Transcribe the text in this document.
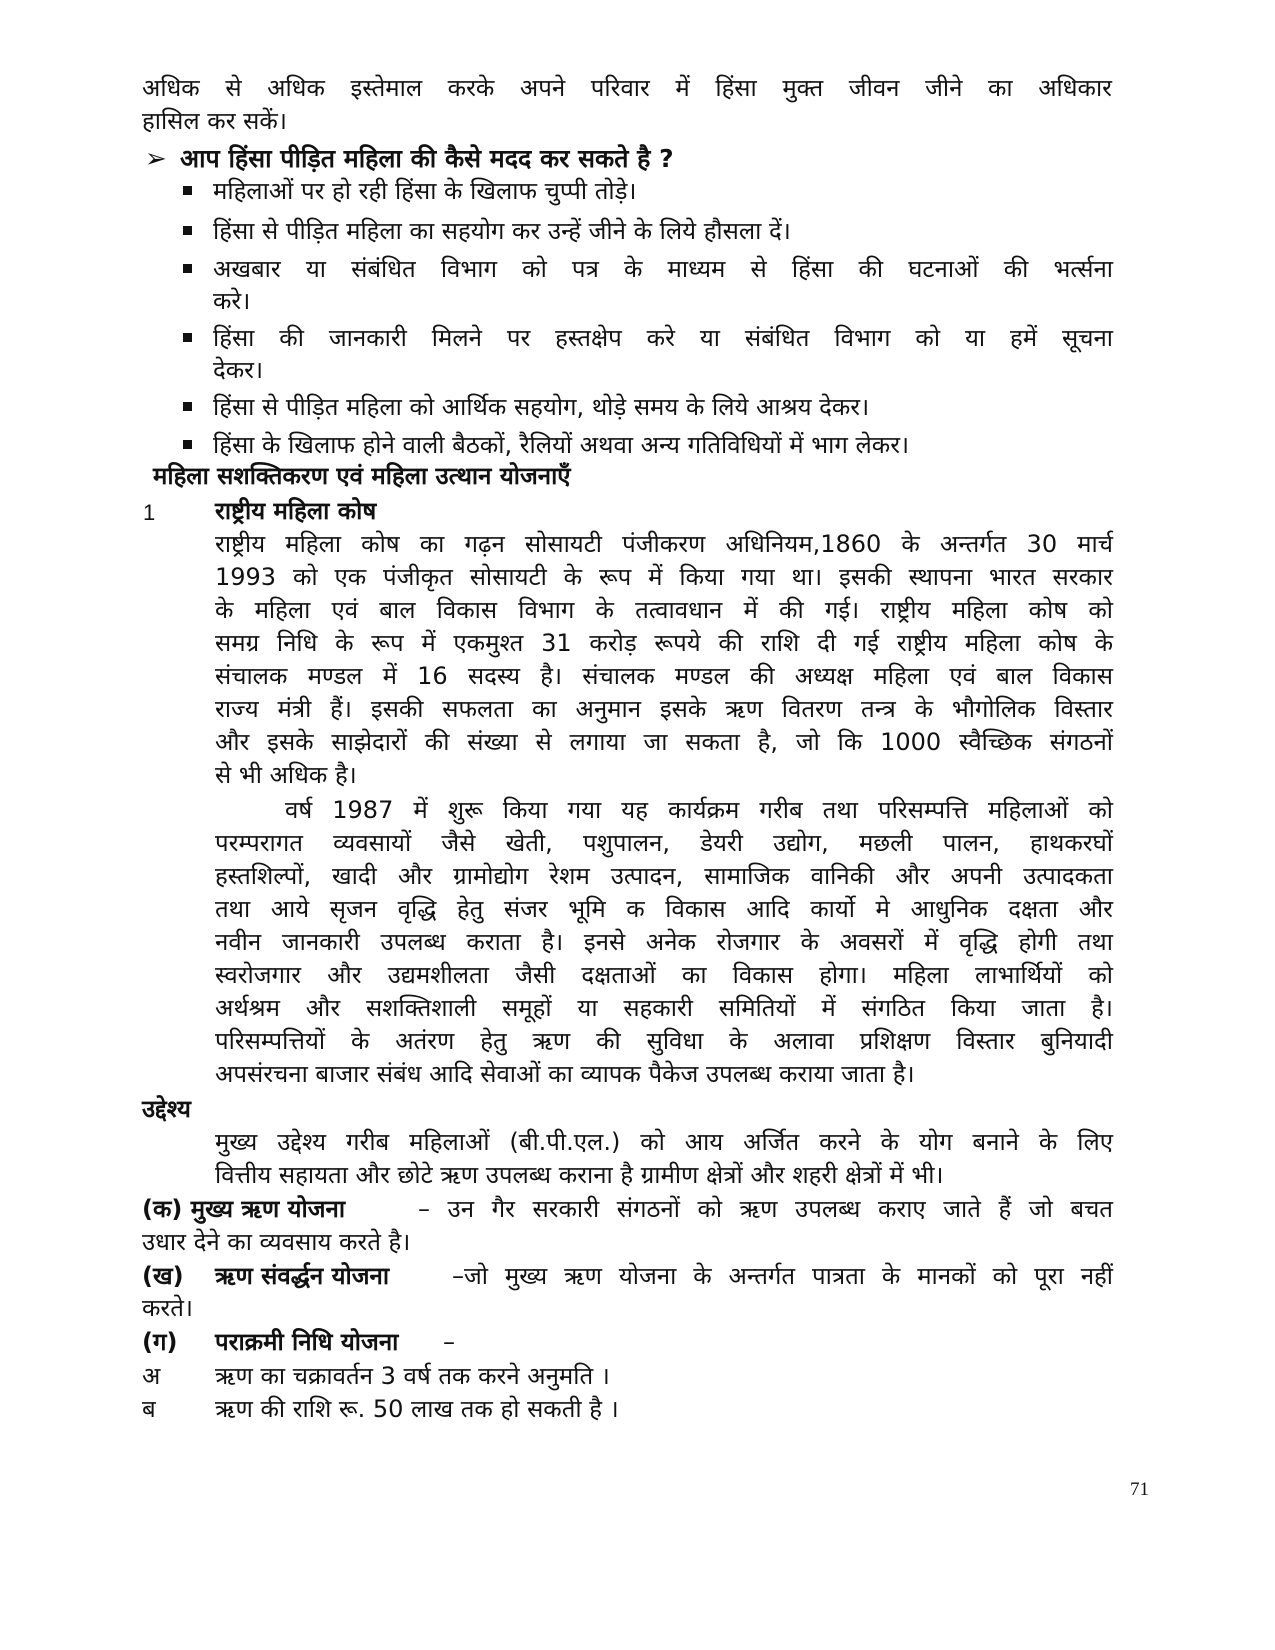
अधिक से अधिक इस्तेमाल करके अपने परिवार में हिंसा मुक्त जीवन जीने का अधिकार

हासिल कर सकें।

➢ आप हिंसा पीड़ित महिला की कैसे मदद कर सकते है ?

महिलाओं पर हो रही हिंसा के खिलाफ चुप्पी तोड़े।

हिंसा से पीड़ित महिला का सहयोग कर उन्हें जीने के लिये हौसला दें।

अखबार या संबंधित विभाग को पत्र के माध्यम से हिंसा की घटनाओं की भर्त्सना

करे।

हिंसा की जानकारी मिलने पर हस्तक्षेप करे या संबंधित विभाग को या हमें सूचना

देकर।

हिंसा से पीड़ित महिला को आर्थिक सहयोग, थोड़े समय के लिये आश्रय देकर।

हिंसा के खिलाफ होने वाली बैठकों, रैलियों अथवा अन्य गतिविधियों में भाग लेकर।

महिला सशक्तिकरण एवं महिला उत्थान योजनाएँ

1 राष्ट्रीय महिला कोष

राष्ट्रीय महिला कोष का गढ़न सोसायटी पंजीकरण अधिनियम,1860 के अन्तर्गत 30 मार्च

1993 को एक पंजीकृत सोसायटी के रूप में किया गया था। इसकी स्थापना भारत सरकार

के महिला एवं बाल विकास विभाग के तत्वावधान में की गई। राष्ट्रीय महिला कोष को

समग्र निधि के रूप में एकमुश्त 31 करोड़ रूपये की राशि दी गई राष्ट्रीय महिला कोष के

संचालक मण्डल में 16 सदस्य है। संचालक मण्डल की अध्यक्ष महिला एवं बाल विकास

राज्य मंत्री हैं। इसकी सफलता का अनुमान इसके ऋण वितरण तन्त्र के भौगोलिक विस्तार

और इसके साझेदारों की संख्या से लगाया जा सकता है, जो कि 1000 स्वैच्छिक संगठनों

से भी अधिक है।

वर्ष 1987 में शुरू किया गया यह कार्यक्रम गरीब तथा परिसम्पत्ति महिलाओं को

परम्परागत व्यवसायों जैसे खेती, पशुपालन, डेयरी उद्योग, मछली पालन, हाथकरघों

हस्तशिल्पों, खादी और ग्रामोद्योग रेशम उत्पादन, सामाजिक वानिकी और अपनी उत्पादकता

तथा आये सृजन वृद्धि हेतु संजर भूमि क विकास आदि कार्यो मे आधुनिक दक्षता और

नवीन जानकारी उपलब्ध कराता है। इनसे अनेक रोजगार के अवसरों में वृद्धि होगी तथा

स्वरोजगार और उद्यमशीलता जैसी दक्षताओं का विकास होगा। महिला लाभार्थियों को

अर्थश्रम और सशक्तिशाली समूहों या सहकारी समितियों में संगठित किया जाता है।

परिसम्पत्तियों के अतंरण हेतु ऋण की सुविधा के अलावा प्रशिक्षण विस्तार बुनियादी

अपसंरचना बाजार संबंध आदि सेवाओं का व्यापक पैकेज उपलब्ध कराया जाता है।

उद्देश्य

मुख्य उद्देश्य गरीब महिलाओं (बी.पी.एल.) को आय अर्जित करने के योग बनाने के लिए

वित्तीय सहायता और छोटे ऋण उपलब्ध कराना है ग्रामीण क्षेत्रों और शहरी क्षेत्रों में भी।

(क) मुख्य ऋण योजना	– उन गैर सरकारी संगठनों को ऋण उपलब्ध कराए जाते हैं जो बचत

उधार देने का व्यवसाय करते है।

(ख) ऋण संवर्द्धन योजना	–जो मुख्य ऋण योजना के अन्तर्गत पात्रता के मानकों को पूरा नहीं

करते।

(ग) पराक्रमी निधि योजना –

अ ऋण का चक्रावर्तन 3 वर्ष तक करने अनुमति ।

ब ऋण की राशि रू. 50 लाख तक हो सकती है ।

71
